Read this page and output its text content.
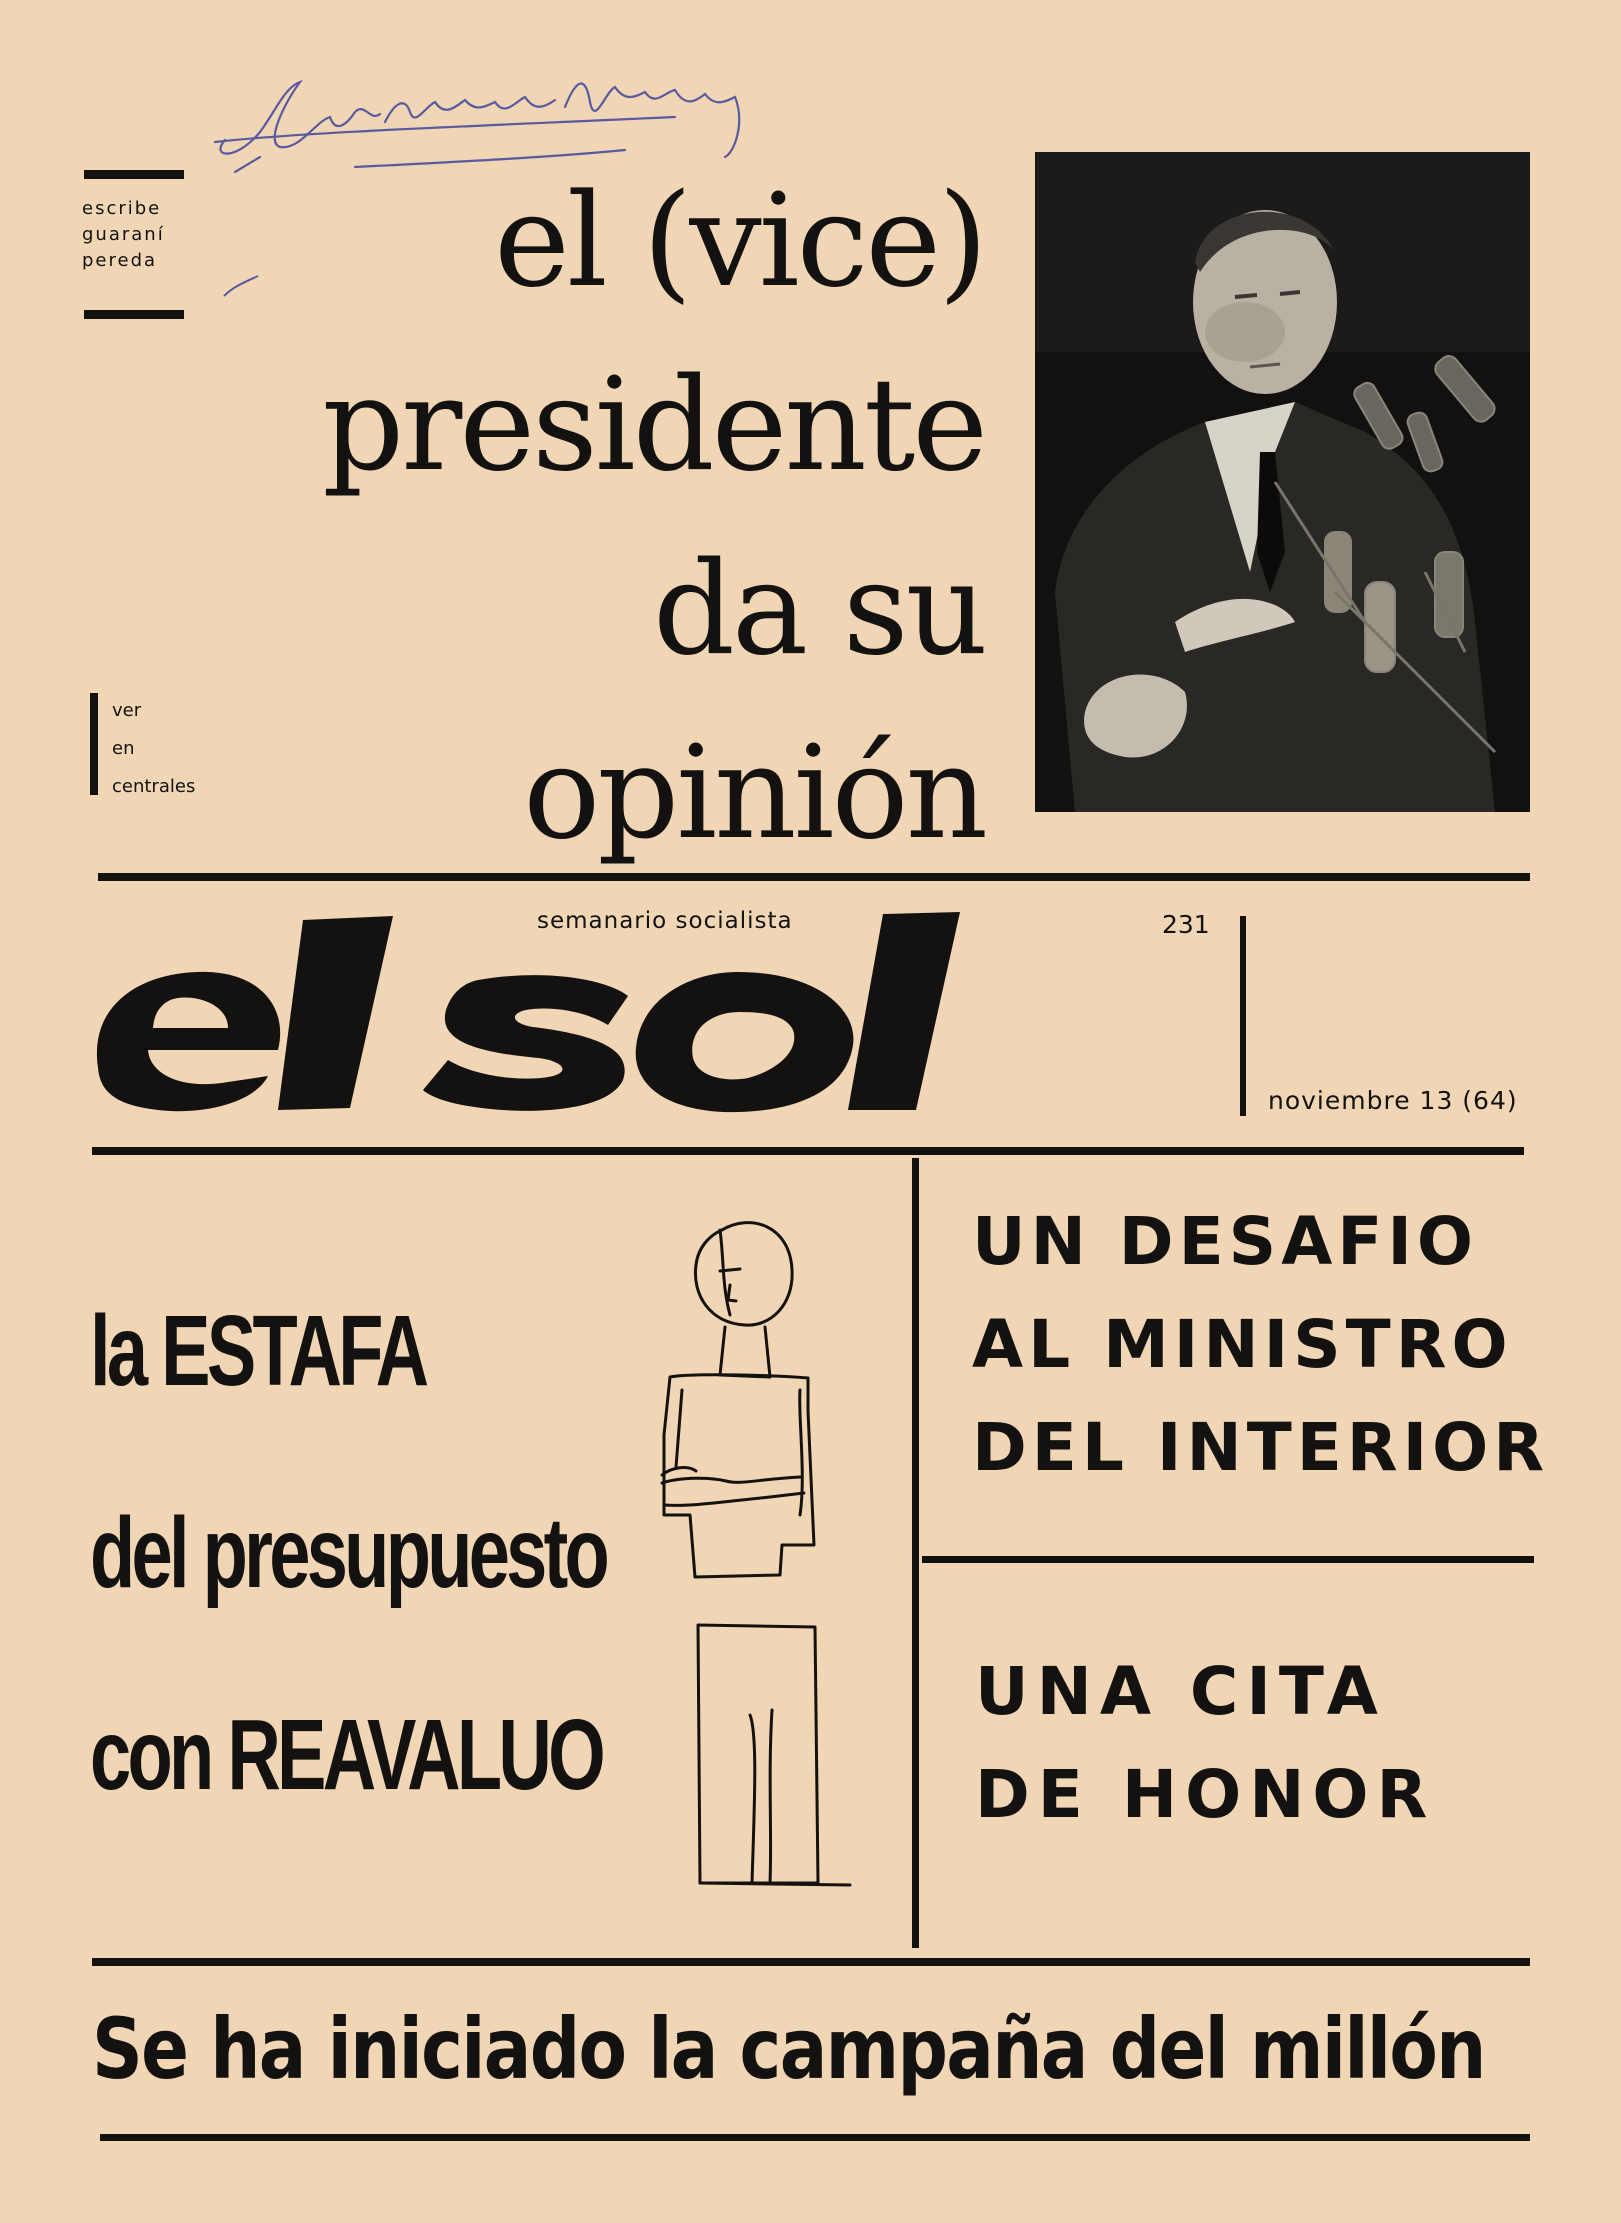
escribe
guaraní
pereda
ver
en
centrales
el (vice)
presidente
da su
opinión
semanario socialista	231
noviembre 13 (64)
la ESTAFA
del presupuesto
con REAVALUO
UN DESAFIO
AL MINISTRO
DEL INTERIOR
UNA CITA
DE HONOR
Se ha iniciado la campaña del millón
